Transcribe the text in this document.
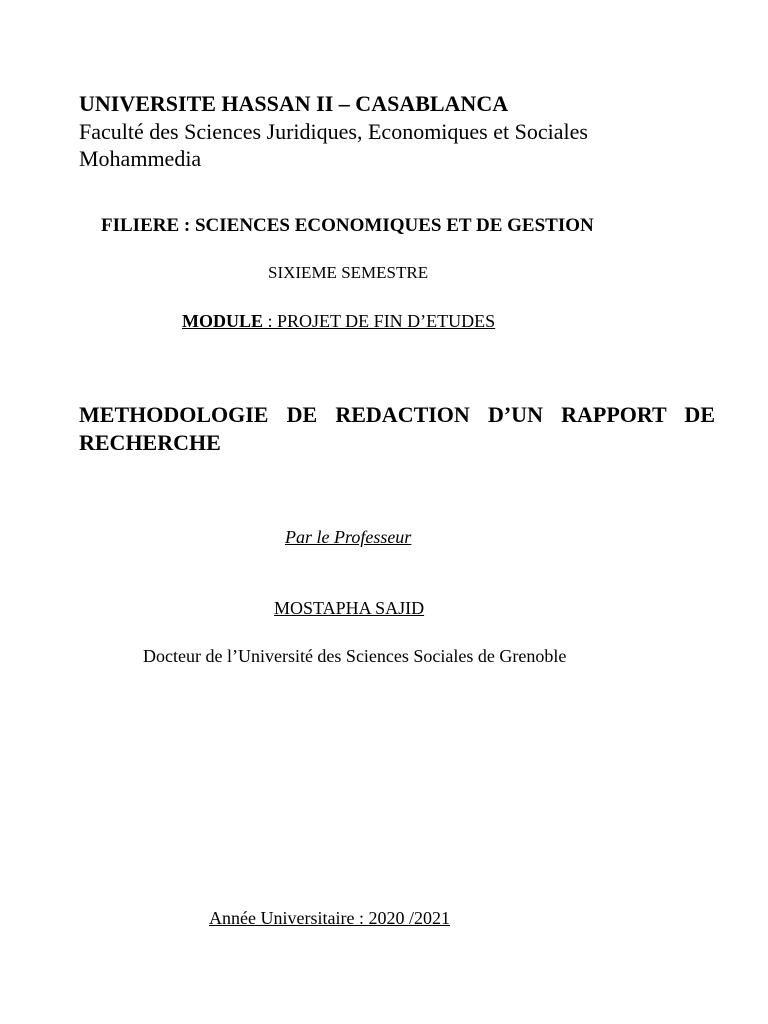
UNIVERSITE HASSAN II – CASABLANCA
Faculté des Sciences Juridiques, Economiques et Sociales
Mohammedia
FILIERE : SCIENCES ECONOMIQUES ET DE GESTION
SIXIEME SEMESTRE
MODULE : PROJET DE FIN D’ETUDES
METHODOLOGIE DE REDACTION D’UN RAPPORT DE RECHERCHE
Par le Professeur
MOSTAPHA SAJID
Docteur de l’Université des Sciences Sociales de Grenoble
Année Universitaire : 2020 /2021
